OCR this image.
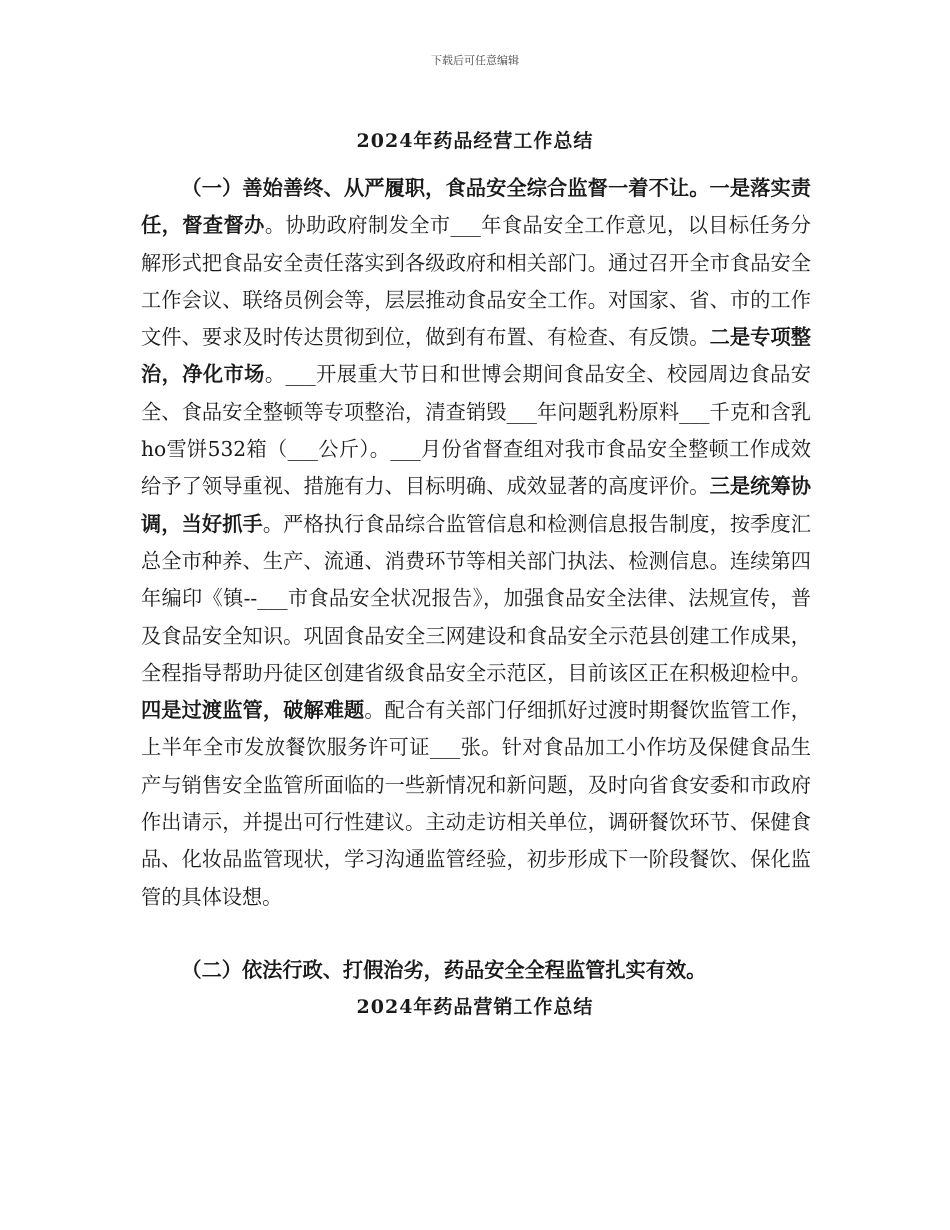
下载后可任意编辑
2024年药品经营工作总结

（一）善始善终、从严履职，食品安全综合监督一着不让。一是落实责任，督查督办。协助政府制发全市___年食品安全工作意见，以目标任务分解形式把食品安全责任落实到各级政府和相关部门。通过召开全市食品安全工作会议、联络员例会等，层层推动食品安全工作。对国家、省、市的工作文件、要求及时传达贯彻到位，做到有布置、有检查、有反馈。二是专项整治，净化市场。___开展重大节日和世博会期间食品安全、校园周边食品安全、食品安全整顿等专项整治，清查销毁___年问题乳粉原料___千克和含乳ho雪饼532箱（___公斤）。___月份省督查组对我市食品安全整顿工作成效给予了领导重视、措施有力、目标明确、成效显著的高度评价。三是统筹协调，当好抓手。严格执行食品综合监管信息和检测信息报告制度，按季度汇总全市种养、生产、流通、消费环节等相关部门执法、检测信息。连续第四年编印《镇--___市食品安全状况报告》，加强食品安全法律、法规宣传，普及食品安全知识。巩固食品安全三网建设和食品安全示范县创建工作成果，全程指导帮助丹徒区创建省级食品安全示范区，目前该区正在积极迎检中。四是过渡监管，破解难题。配合有关部门仔细抓好过渡时期餐饮监管工作，上半年全市发放餐饮服务许可证___张。针对食品加工小作坊及保健食品生产与销售安全监管所面临的一些新情况和新问题，及时向省食安委和市政府作出请示，并提出可行性建议。主动走访相关单位，调研餐饮环节、保健食品、化妆品监管现状，学习沟通监管经验，初步形成下一阶段餐饮、保化监管的具体设想。

（二）依法行政、打假治劣，药品安全全程监管扎实有效。

2024年药品营销工作总结
